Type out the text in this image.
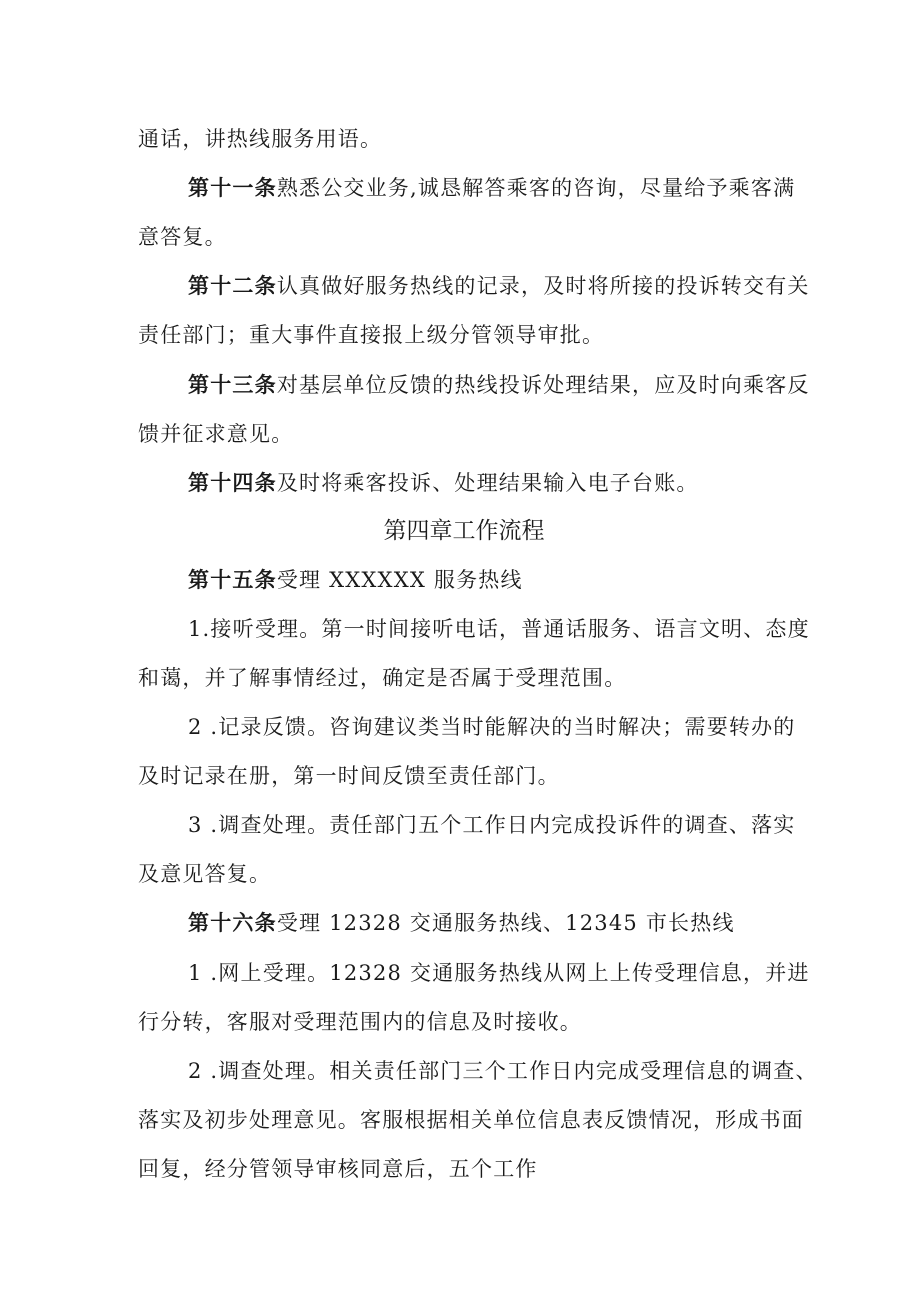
通话，讲热线服务用语。
第十一条熟悉公交业务,诚恳解答乘客的咨询，尽量给予乘客满
意答复。
第十二条认真做好服务热线的记录，及时将所接的投诉转交有关
责任部门；重大事件直接报上级分管领导审批。
第十三条对基层单位反馈的热线投诉处理结果，应及时向乘客反
馈并征求意见。
第十四条及时将乘客投诉、处理结果输入电子台账。
第四章工作流程
第十五条受理 XXXXXX 服务热线
1.接听受理。第一时间接听电话，普通话服务、语言文明、态度
和蔼，并了解事情经过，确定是否属于受理范围。
2 .记录反馈。咨询建议类当时能解决的当时解决；需要转办的
及时记录在册，第一时间反馈至责任部门。
3 .调查处理。责任部门五个工作日内完成投诉件的调查、落实
及意见答复。
第十六条受理 12328 交通服务热线、12345 市长热线
1 .网上受理。12328 交通服务热线从网上上传受理信息，并进
行分转，客服对受理范围内的信息及时接收。
2 .调查处理。相关责任部门三个工作日内完成受理信息的调查、
落实及初步处理意见。客服根据相关单位信息表反馈情况，形成书面
回复，经分管领导审核同意后，五个工作
